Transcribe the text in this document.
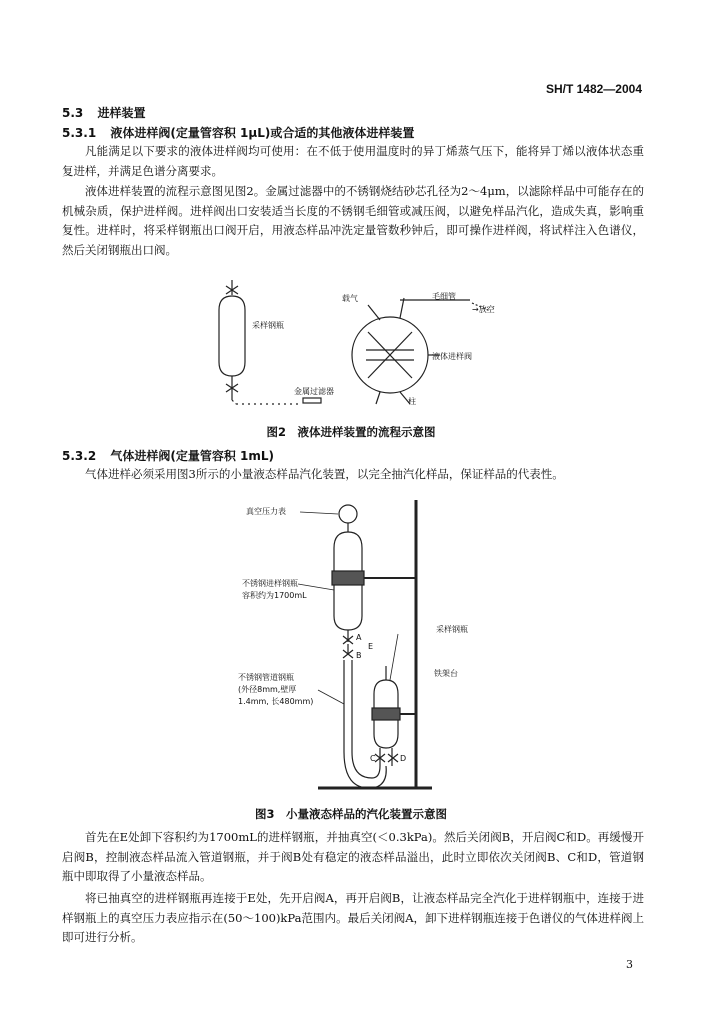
SH/T 1482—2004
5.3 进样装置
5.3.1 液体进样阀(定量管容积 1μL)或合适的其他液体进样装置
凡能满足以下要求的液体进样阀均可使用：在不低于使用温度时的异丁烯蒸气压下，能将异丁烯以液体状态重复进样，并满足色谱分离要求。
液体进样装置的流程示意图见图2。金属过滤器中的不锈钢烧结砂芯孔径为2～4μm，以滤除样品中可能存在的机械杂质，保护进样阀。进样阀出口安装适当长度的不锈钢毛细管或减压阀，以避免样品汽化，造成失真，影响重复性。进样时，将采样钢瓶出口阀开启，用液态样品冲洗定量管数秒钟后，即可操作进样阀，将试样注入色谱仪，然后关闭钢瓶出口阀。
采样钢瓶
金属过滤器
载气	毛细管
→放空
液体进样阀
柱
图2　液体进样装置的流程示意图
5.3.2 气体进样阀(定量管容积 1mL)
气体进样必须采用图3所示的小量液态样品汽化装置，以完全抽汽化样品，保证样品的代表性。
真空压力表
不锈钢进样钢瓶
容积约为1700mL
A
E
B
采样钢瓶
铁架台
不锈钢管道钢瓶
(外径8mm,壁厚
1.4mm, 长480mm)
C	D
图3　小量液态样品的汽化装置示意图
首先在E处卸下容积约为1700mL的进样钢瓶，并抽真空(＜0.3kPa)。然后关闭阀B，开启阀C和D。再缓慢开启阀B，控制液态样品流入管道钢瓶，并于阀B处有稳定的液态样品溢出，此时立即依次关闭阀B、C和D，管道钢瓶中即取得了小量液态样品。
将已抽真空的进样钢瓶再连接于E处，先开启阀A，再开启阀B，让液态样品完全汽化于进样钢瓶中，连接于进样钢瓶上的真空压力表应指示在(50～100)kPa范围内。最后关闭阀A，卸下进样钢瓶连接于色谱仪的气体进样阀上即可进行分析。
3
